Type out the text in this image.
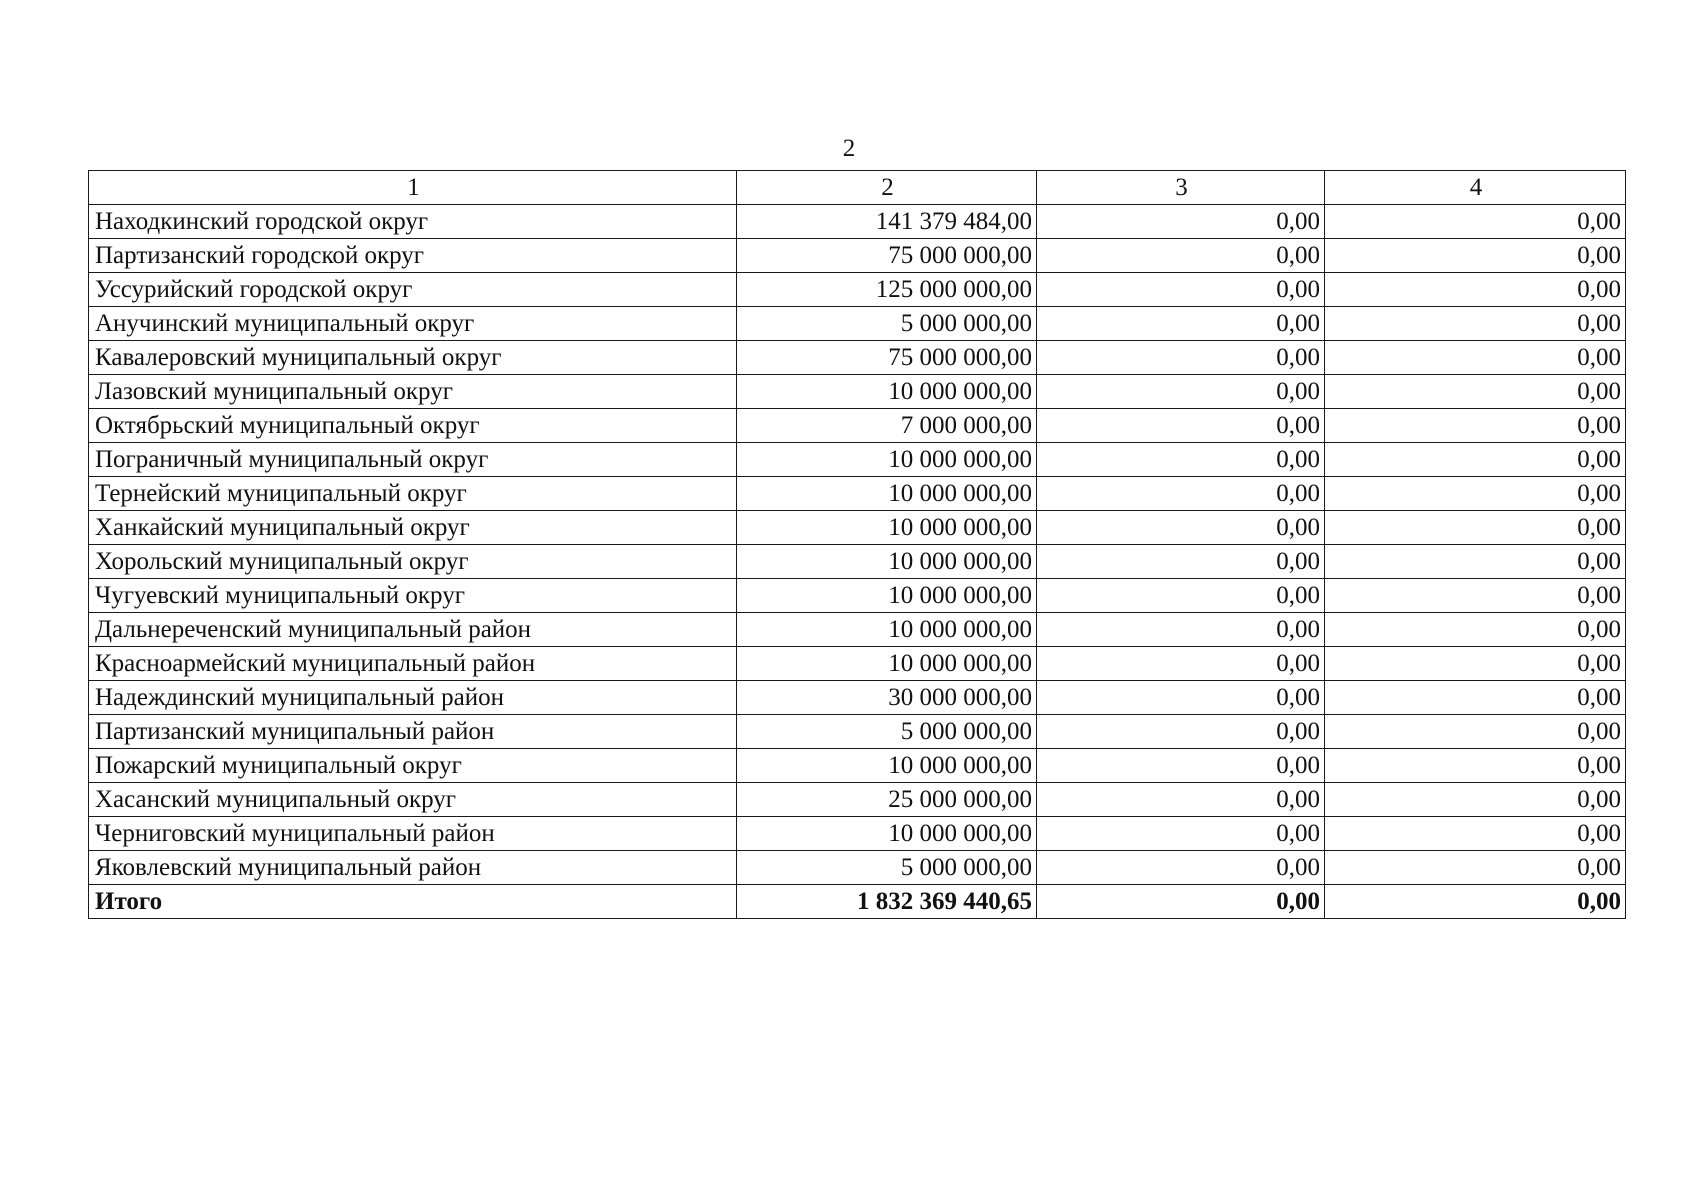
2
1	2	3	4
Находкинский городской округ	141 379 484,00	0,00	0,00
Партизанский городской округ	75 000 000,00	0,00	0,00
Уссурийский городской округ	125 000 000,00	0,00	0,00
Анучинский муниципальный округ	5 000 000,00	0,00	0,00
Кавалеровский муниципальный округ	75 000 000,00	0,00	0,00
Лазовский муниципальный округ	10 000 000,00	0,00	0,00
Октябрьский муниципальный округ	7 000 000,00	0,00	0,00
Пограничный муниципальный округ	10 000 000,00	0,00	0,00
Тернейский муниципальный округ	10 000 000,00	0,00	0,00
Ханкайский муниципальный округ	10 000 000,00	0,00	0,00
Хорольский муниципальный округ	10 000 000,00	0,00	0,00
Чугуевский муниципальный округ	10 000 000,00	0,00	0,00
Дальнереченский муниципальный район	10 000 000,00	0,00	0,00
Красноармейский муниципальный район	10 000 000,00	0,00	0,00
Надеждинский муниципальный район	30 000 000,00	0,00	0,00
Партизанский муниципальный район	5 000 000,00	0,00	0,00
Пожарский муниципальный округ	10 000 000,00	0,00	0,00
Хасанский муниципальный округ	25 000 000,00	0,00	0,00
Черниговский муниципальный район	10 000 000,00	0,00	0,00
Яковлевский муниципальный район	5 000 000,00	0,00	0,00
Итого	1 832 369 440,65	0,00	0,00
